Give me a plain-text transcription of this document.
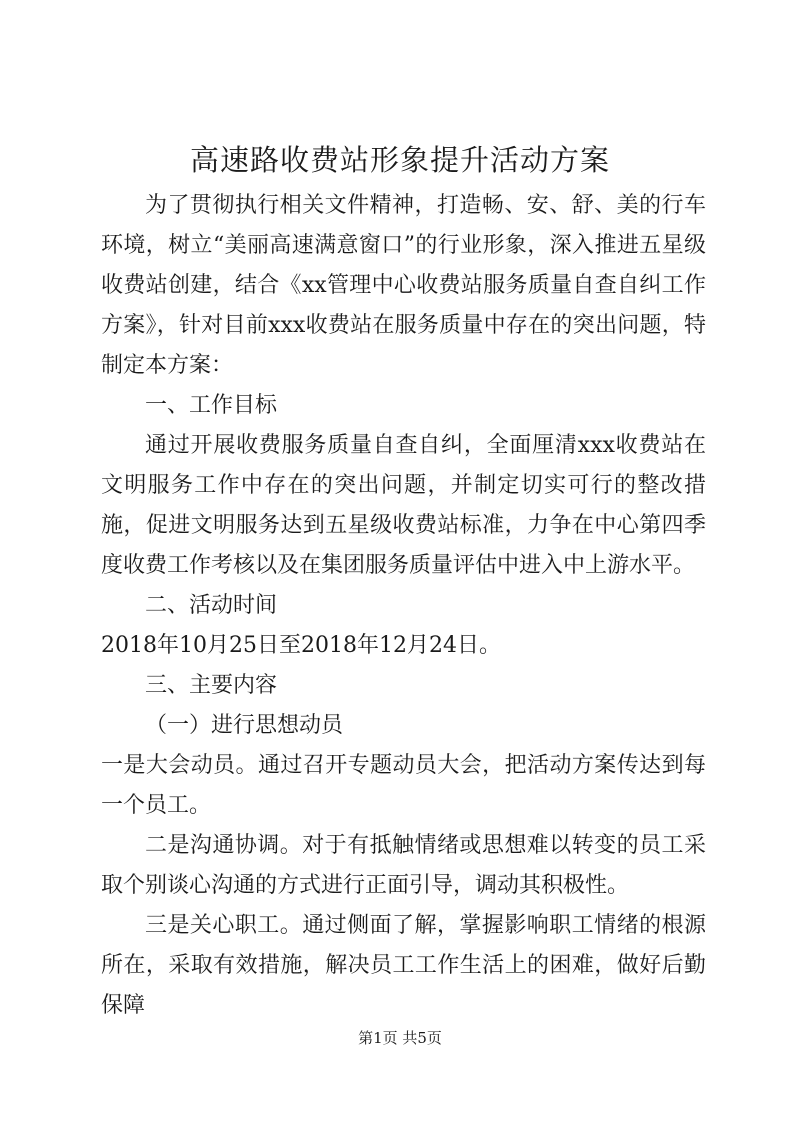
高速路收费站形象提升活动方案

为了贯彻执行相关文件精神，打造畅、安、舒、美的行车环境，树立“美丽高速满意窗口”的行业形象，深入推进五星级收费站创建，结合《xx管理中心收费站服务质量自查自纠工作方案》，针对目前xxx收费站在服务质量中存在的突出问题，特制定本方案：

一、工作目标

通过开展收费服务质量自查自纠，全面厘清xxx收费站在文明服务工作中存在的突出问题，并制定切实可行的整改措施，促进文明服务达到五星级收费站标准，力争在中心第四季度收费工作考核以及在集团服务质量评估中进入中上游水平。

二、活动时间

2018年10月25日至2018年12月24日。

三、主要内容

（一）进行思想动员

一是大会动员。通过召开专题动员大会，把活动方案传达到每一个员工。

二是沟通协调。对于有抵触情绪或思想难以转变的员工采取个别谈心沟通的方式进行正面引导，调动其积极性。

三是关心职工。通过侧面了解，掌握影响职工情绪的根源所在，采取有效措施，解决员工工作生活上的困难，做好后勤保障

第1页 共5页
